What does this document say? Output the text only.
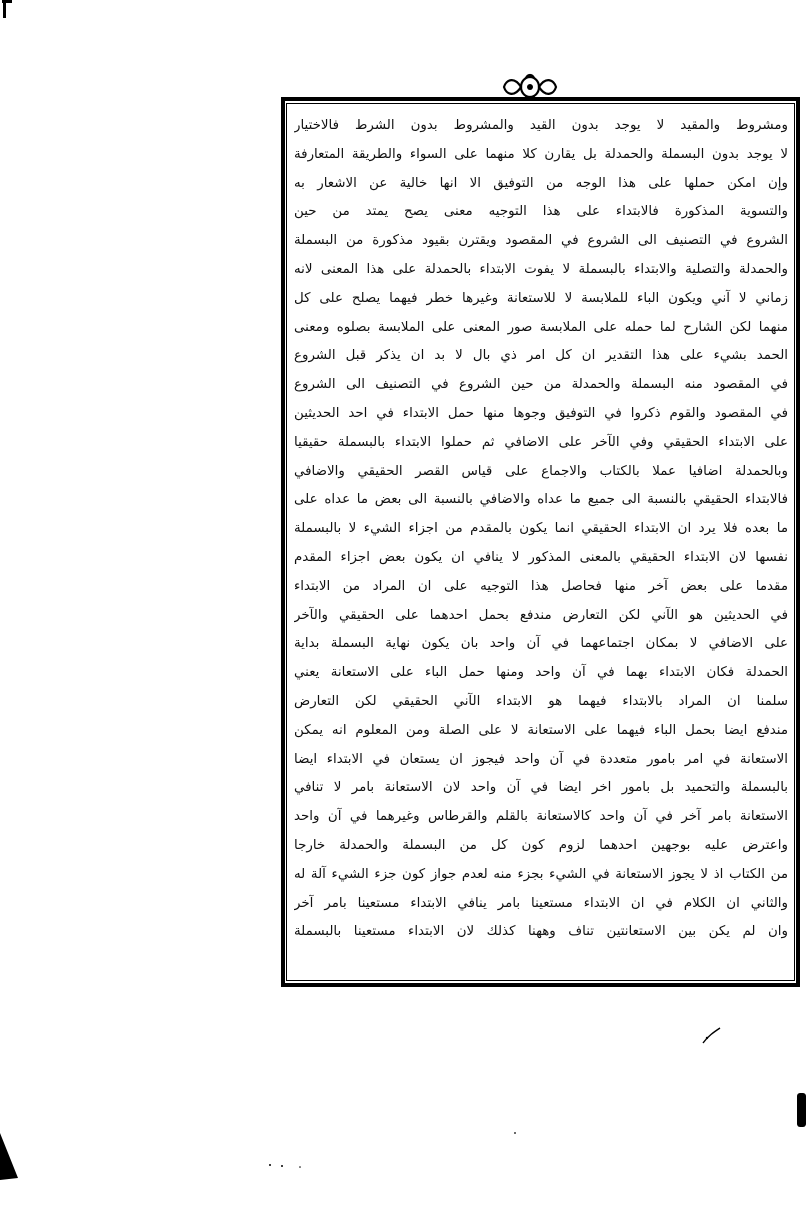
ومشروط والمقيد لا يوجد بدون القيد والمشروط بدون الشرط فالاختيار
لا يوجد بدون البسملة والحمدلة بل يقارن كلا منهما على السواء والطريقة المتعارفة
وإن امكن حملها على هذا الوجه من التوفيق الا انها خالية عن الاشعار به
والتسوية المذكورة فالابتداء على هذا التوجيه معنى يصح يمتد من حين
الشروع في التصنيف الى الشروع في المقصود ويقترن بقيود مذكورة من البسملة
والحمدلة والتصلية والابتداء بالبسملة لا يفوت الابتداء بالحمدلة على هذا المعنى لانه
زماني لا آني ويكون الباء للملابسة لا للاستعانة وغيرها خطر فيهما يصلح على كل
منهما لكن الشارح لما حمله على الملابسة صور المعنى على الملابسة بصلوه ومعنى
الحمد بشيء على هذا التقدير ان كل امر ذي بال لا بد ان يذكر قبل الشروع
في المقصود منه البسملة والحمدلة من حين الشروع في التصنيف الى الشروع
في المقصود والقوم ذكروا في التوفيق وجوها منها حمل الابتداء في احد الحديثين
على الابتداء الحقيقي وفي الآخر على الاضافي ثم حملوا الابتداء بالبسملة حقيقيا
وبالحمدلة اضافيا عملا بالكتاب والاجماع على قياس القصر الحقيقي والاضافي
فالابتداء الحقيقي بالنسبة الى جميع ما عداه والاضافي بالنسبة الى بعض ما عداه على
ما بعده فلا يرد ان الابتداء الحقيقي انما يكون بالمقدم من اجزاء الشيء لا بالبسملة
نفسها لان الابتداء الحقيقي بالمعنى المذكور لا ينافي ان يكون بعض اجزاء المقدم
مقدما على بعض آخر منها فحاصل هذا التوجيه على ان المراد من الابتداء
في الحديثين هو الآني لكن التعارض مندفع بحمل احدهما على الحقيقي والآخر
على الاضافي لا بمكان اجتماعهما في آن واحد بان يكون نهاية البسملة بداية
الحمدلة فكان الابتداء بهما في آن واحد ومنها حمل الباء على الاستعانة يعني
سلمنا ان المراد بالابتداء فيهما هو الابتداء الآني الحقيقي لكن التعارض
مندفع ايضا بحمل الباء فيهما على الاستعانة لا على الصلة ومن المعلوم انه يمكن
الاستعانة في امر بامور متعددة في آن واحد فيجوز ان يستعان في الابتداء ايضا
بالبسملة والتحميد بل بامور اخر ايضا في آن واحد لان الاستعانة بامر لا تنافي
الاستعانة بامر آخر في آن واحد كالاستعانة بالقلم والقرطاس وغيرهما في آن واحد
واعترض عليه بوجهين احدهما لزوم كون كل من البسملة والحمدلة خارجا
من الكتاب اذ لا يجوز الاستعانة في الشيء بجزء منه لعدم جواز كون جزء الشيء آلة له
والثاني ان الكلام في ان الابتداء مستعينا بامر ينافي الابتداء مستعينا بامر آخر
وان لم يكن بين الاستعانتين تناف وههنا كذلك لان الابتداء مستعينا بالبسملة
